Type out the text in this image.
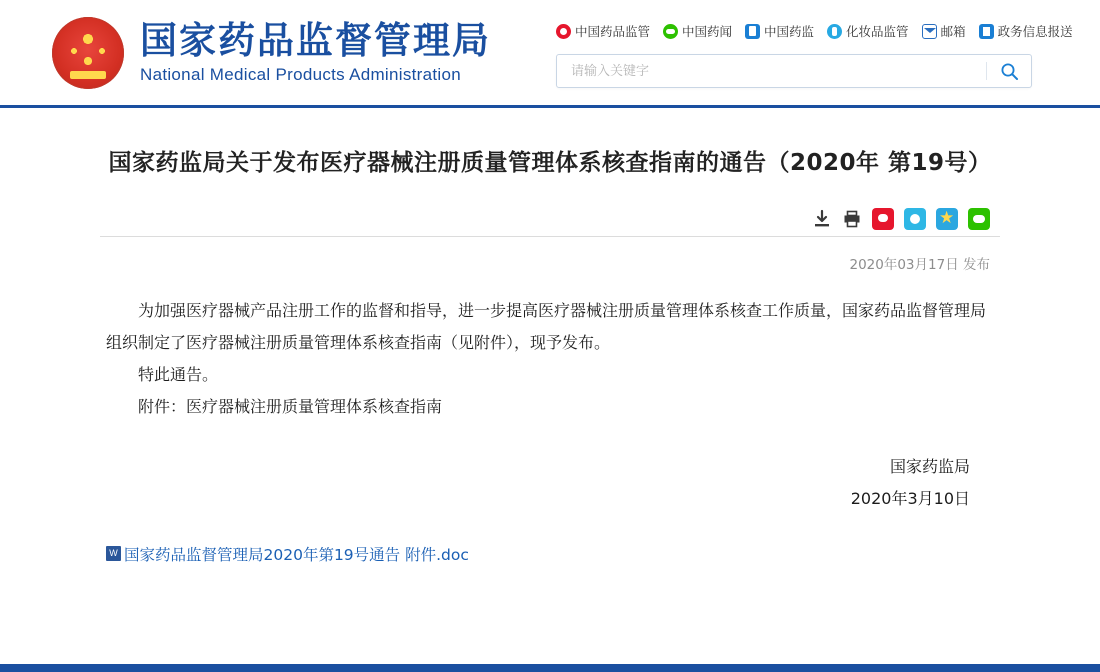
国家药品监督管理局
National Medical Products Administration
中国药品监管	中国药闻	中国药监	化妆品监管	邮箱	政务信息报送
请输入关键字
国家药监局关于发布医疗器械注册质量管理体系核查指南的通告（2020年 第19号）
★
2020年03月17日 发布

为加强医疗器械产品注册工作的监督和指导，进一步提高医疗器械注册质量管理体系核查工作质量，国家药品监督管理局组织制定了医疗器械注册质量管理体系核查指南（见附件），现予发布。

特此通告。

附件：医疗器械注册质量管理体系核查指南

国家药监局
2020年3月10日
W 国家药品监督管理局2020年第19号通告 附件.doc
